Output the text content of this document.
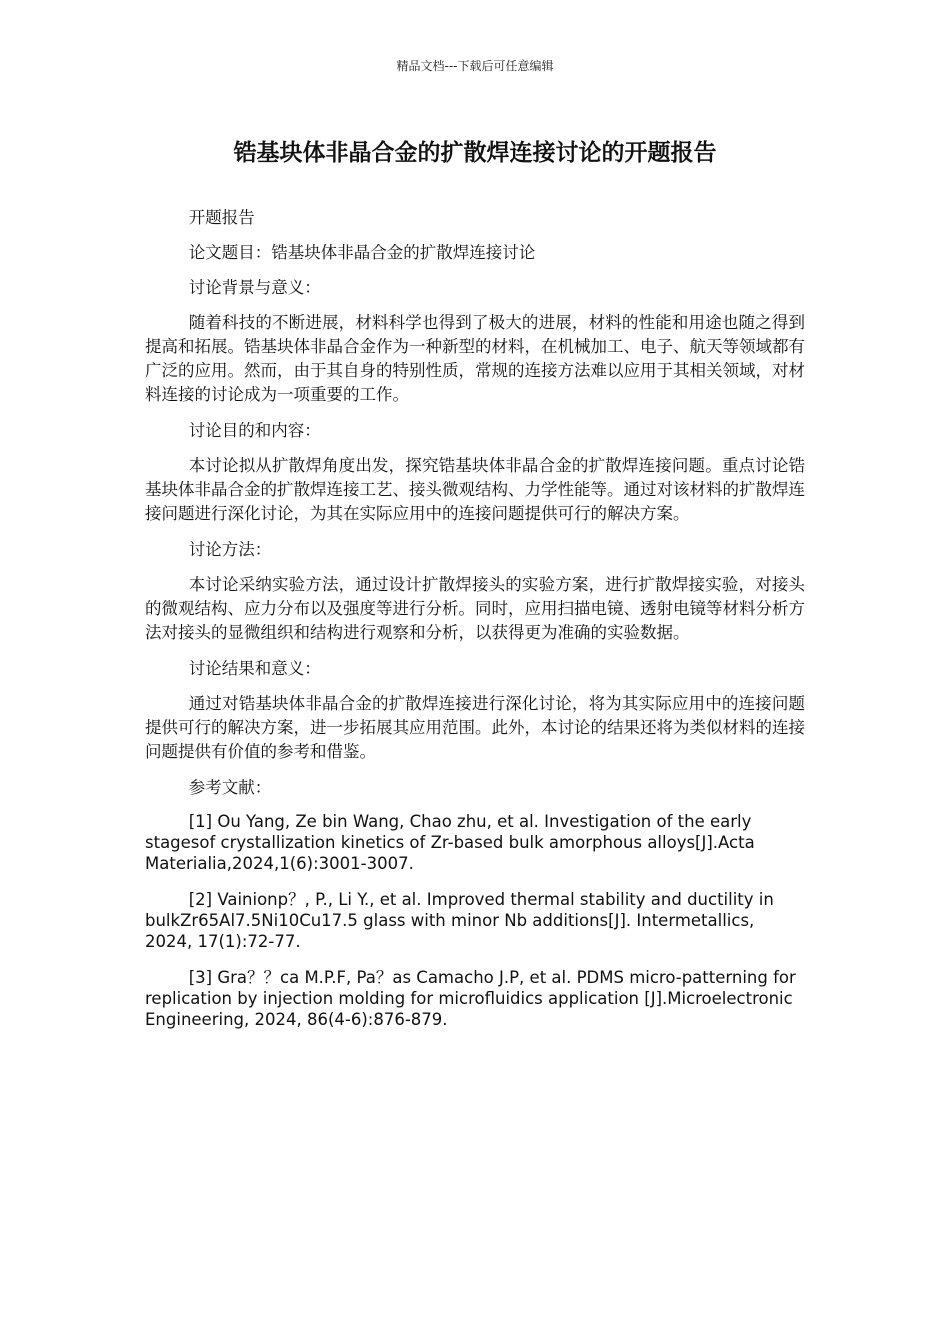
精品文档---下载后可任意编辑
锆基块体非晶合金的扩散焊连接讨论的开题报告

开题报告

论文题目：锆基块体非晶合金的扩散焊连接讨论

讨论背景与意义：

随着科技的不断进展，材料科学也得到了极大的进展，材料的性能和用途也随之得到提高和拓展。锆基块体非晶合金作为一种新型的材料，在机械加工、电子、航天等领域都有广泛的应用。然而，由于其自身的特别性质，常规的连接方法难以应用于其相关领域，对材料连接的讨论成为一项重要的工作。

讨论目的和内容：

本讨论拟从扩散焊角度出发，探究锆基块体非晶合金的扩散焊连接问题。重点讨论锆基块体非晶合金的扩散焊连接工艺、接头微观结构、力学性能等。通过对该材料的扩散焊连接问题进行深化讨论，为其在实际应用中的连接问题提供可行的解决方案。

讨论方法：

本讨论采纳实验方法，通过设计扩散焊接头的实验方案，进行扩散焊接实验，对接头的微观结构、应力分布以及强度等进行分析。同时，应用扫描电镜、透射电镜等材料分析方法对接头的显微组织和结构进行观察和分析，以获得更为准确的实验数据。

讨论结果和意义：

通过对锆基块体非晶合金的扩散焊连接进行深化讨论，将为其实际应用中的连接问题提供可行的解决方案，进一步拓展其应用范围。此外，本讨论的结果还将为类似材料的连接问题提供有价值的参考和借鉴。

参考文献：

[1] Ou Yang, Ze bin Wang, Chao zhu, et al. Investigation of the early stagesof crystallization kinetics of Zr-based bulk amorphous alloys[J].Acta Materialia,2024,1(6):3001-3007.

[2] Vainionp？, P., Li Y., et al. Improved thermal stability and ductility in bulkZr65Al7.5Ni10Cu17.5 glass with minor Nb additions[J]. Intermetallics, 2024, 17(1):72-77.

[3] Gra？？ca M.P.F, Pa？as Camacho J.P, et al. PDMS micro-patterning for replication by injection molding for microfluidics application [J].Microelectronic Engineering, 2024, 86(4-6):876-879.
